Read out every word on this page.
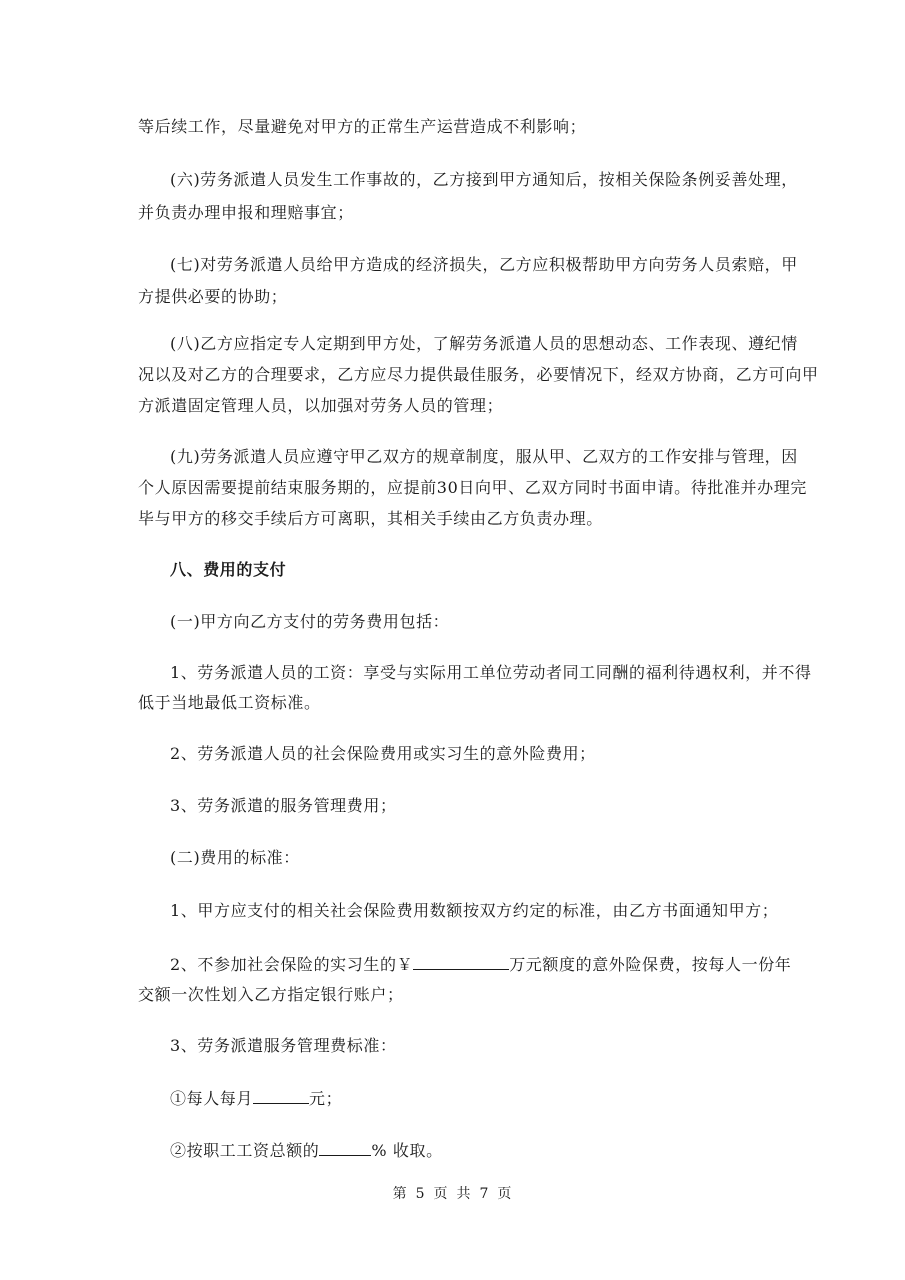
等后续工作，尽量避免对甲方的正常生产运营造成不利影响；
(六)劳务派遣人员发生工作事故的，乙方接到甲方通知后，按相关保险条例妥善处理，
并负责办理申报和理赔事宜；
(七)对劳务派遣人员给甲方造成的经济损失，乙方应积极帮助甲方向劳务人员索赔，甲
方提供必要的协助；
(八)乙方应指定专人定期到甲方处，了解劳务派遣人员的思想动态、工作表现、遵纪情
况以及对乙方的合理要求，乙方应尽力提供最佳服务，必要情况下，经双方协商，乙方可向甲
方派遣固定管理人员，以加强对劳务人员的管理；
(九)劳务派遣人员应遵守甲乙双方的规章制度，服从甲、乙双方的工作安排与管理，因
个人原因需要提前结束服务期的，应提前30日向甲、乙双方同时书面申请。待批准并办理完
毕与甲方的移交手续后方可离职，其相关手续由乙方负责办理。
八、费用的支付
(一)甲方向乙方支付的劳务费用包括：
1、劳务派遣人员的工资：享受与实际用工单位劳动者同工同酬的福利待遇权利，并不得
低于当地最低工资标准。
2、劳务派遣人员的社会保险费用或实习生的意外险费用；
3、劳务派遣的服务管理费用；
(二)费用的标准：
1、甲方应支付的相关社会保险费用数额按双方约定的标准，由乙方书面通知甲方；
2、不参加社会保险的实习生的￥	万元额度的意外险保费，按每人一份年
交额一次性划入乙方指定银行账户；
3、劳务派遣服务管理费标准：
①每人每月	元；
②按职工工资总额的	% 收取。
第 5 页 共 7 页
